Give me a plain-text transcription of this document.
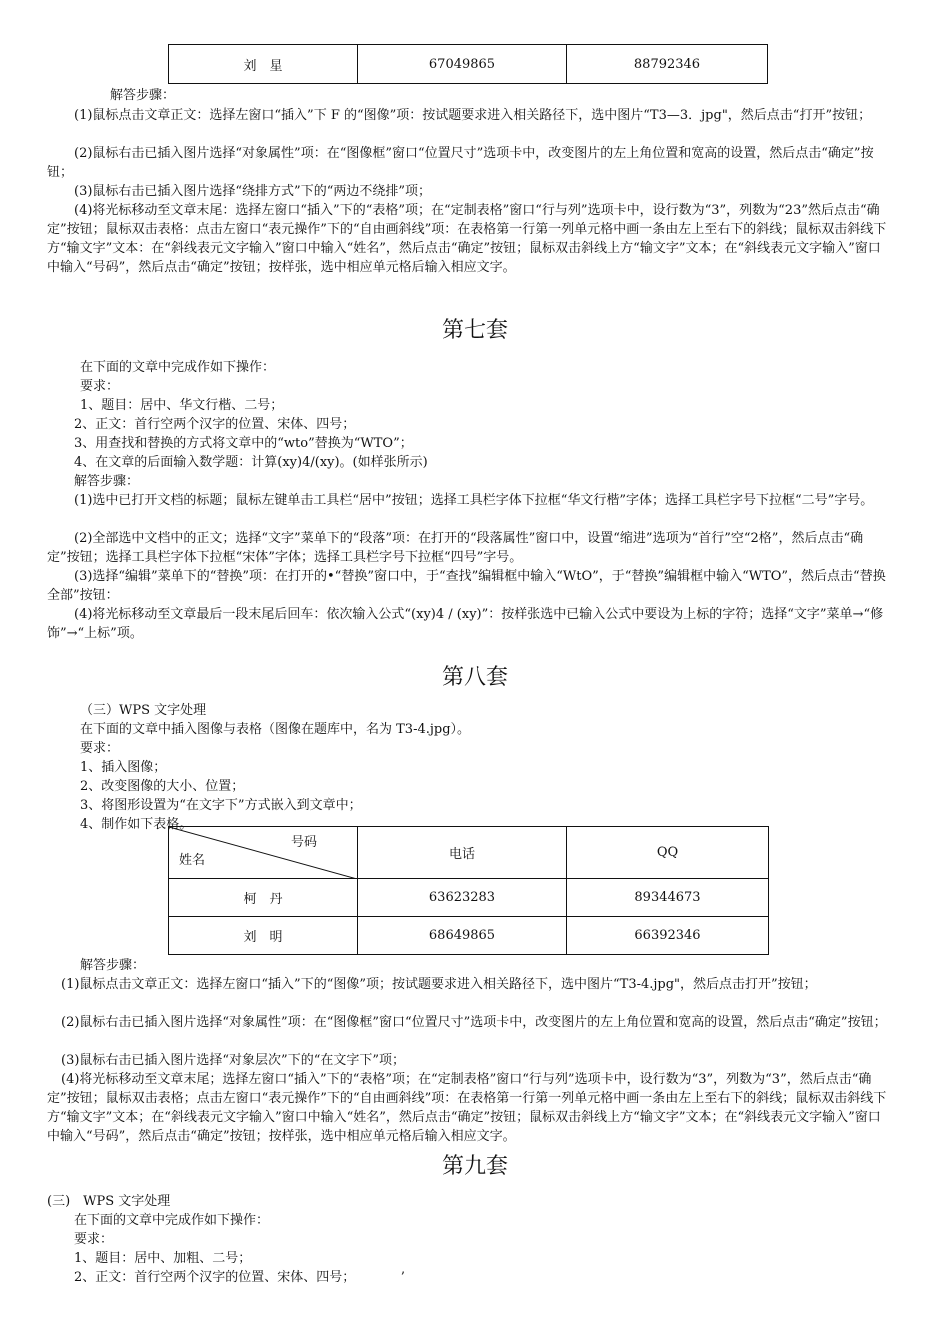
刘　星	67049865	88792346
解答步骤：
(1)鼠标点击文章正文：选择左窗口“插入”下 F 的“图像”项：按试题要求进入相关路径下，选中图片“T3—3．jpg"，然后点击“打开”按钮；
(2)鼠标右击已插入图片选择“对象属性”项：在“图像框”窗口“位置尺寸”选项卡中，改变图片的左上角位置和宽高的设置，然后点击“确定”按钮；
(3)鼠标右击已插入图片选择“绕排方式”下的“两边不绕排”项；
(4)将光标移动至文章末尾：选择左窗口“插入”下的“表格”项；在“定制表格”窗口“行与列”选项卡中，设行数为“3”，列数为“23”然后点击“确定”按钮；鼠标双击表格：点击左窗口“表元操作”下的“自由画斜线”项：在表格第一行第一列单元格中画一条由左上至右下的斜线；鼠标双击斜线下方“输文字”文本：在“斜线表元文字输入”窗口中输入“姓名”，然后点击“确定”按钮；鼠标双击斜线上方“输文字”文本；在“斜线表元文字输入”窗口中输入“号码”，然后点击“确定”按钮；按样张，选中相应单元格后输入相应文字。
第七套
在下面的文章中完成作如下操作：
要求：
1、题目：居中、华文行楷、二号；
2、正文：首行空两个汉字的位置、宋体、四号；
3、用查找和替换的方式将文章中的“wto”替换为“WTO”；
4、在文章的后面输入数学题：计算(xy)4/(xy)。(如样张所示)
解答步骤：
(1)选中已打开文档的标题；鼠标左键单击工具栏“居中”按钮；选择工具栏字体下拉框“华文行楷”字体；选择工具栏字号下拉框“二号”字号。
(2)全部选中文档中的正文；选择“文字”菜单下的“段落”项：在打开的“段落属性”窗口中，设置“缩进”选项为“首行”空“2格”，然后点击“确定”按钮；选择工具栏字体下拉框“宋体”字体；选择工具栏字号下拉框“四号”字号。
(3)选择“编辑”菜单下的“替换”项：在打开的•“替换”窗口中，于“查找”编辑框中输入“WtO”，于“替换”编辑框中输入“WTO”，然后点击“替换全部”按钮：
(4)将光标移动至文章最后一段末尾后回车：依次输入公式“(xy)4 / (xy)”：按样张选中已输入公式中要设为上标的字符；选择“文字”菜单→“修饰”→“上标”项。
第八套
（三）WPS 文字处理
在下面的文章中插入图像与表格（图像在题库中，名为 T3-4.jpg）。
要求：
1、插入图像；
2、改变图像的大小、位置；
3、将图形设置为“在文字下”方式嵌入到文章中；
4、制作如下表格。
号码
姓名	电话	QQ
柯　丹	63623283	89344673
刘　明	68649865	66392346
解答步骤：
(1)鼠标点击文章正文：选择左窗口“插入”下的“图像”项；按试题要求进入相关路径下，选中图片“T3-4.jpg"，然后点击打开”按钮；
(2)鼠标右击已插入图片选择“对象属性”项：在“图像框”窗口“位置尺寸”选项卡中，改变图片的左上角位置和宽高的设置，然后点击“确定”按钮；
(3)鼠标右击已插入图片选择“对象层次”下的“在文字下”项；
(4)将光标移动至文章末尾；选择左窗口“插入”下的“表格”项；在“定制表格”窗口“行与列”选项卡中，设行数为“3”，列数为“3”，然后点击“确定”按钮；鼠标双击表格；点击左窗口“表元操作”下的“自由画斜线”项：在表格第一行第一列单元格中画一条由左上至右下的斜线；鼠标双击斜线下方“输文字”文本；在“斜线表元文字输入”窗口中输入“姓名”，然后点击“确定”按钮；鼠标双击斜线上方“输文字”文本；在“斜线表元文字输入”窗口中输入“号码”，然后点击“确定”按钮；按样张，选中相应单元格后输入相应文字。
第九套
(三)　WPS 文字处理
在下面的文章中完成作如下操作：
要求：
1、题目：居中、加粗、二号；
2、正文：首行空两个汉字的位置、宋体、四号；　　　　’
